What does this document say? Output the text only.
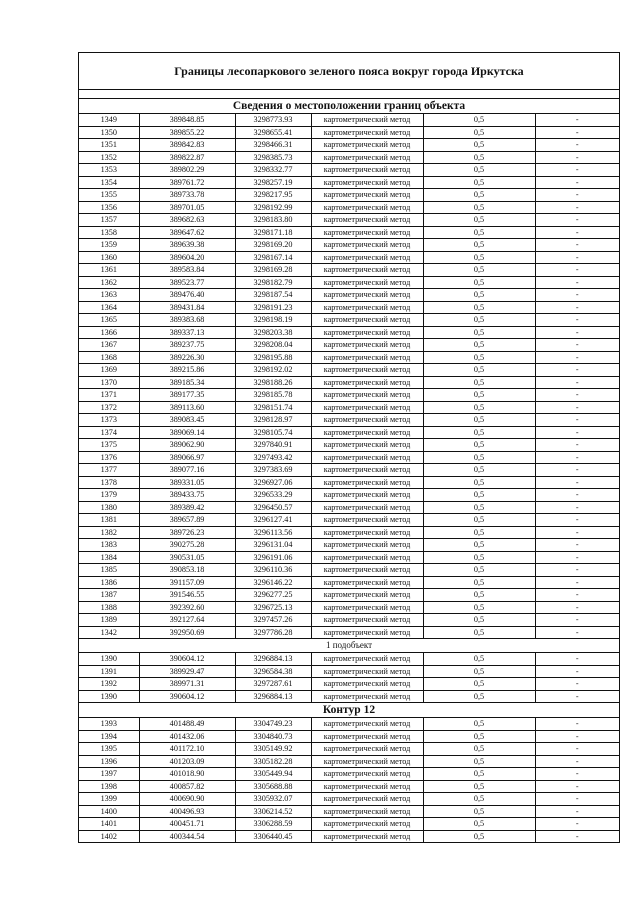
Границы лесопаркового зеленого пояса вокруг города Иркутска
Сведения о местоположении границ объекта
1349	389848.85	3298773.93	картометрический метод	0,5	-
1350	389855.22	3298655.41	картометрический метод	0,5	-
1351	389842.83	3298466.31	картометрический метод	0,5	-
1352	389822.87	3298385.73	картометрический метод	0,5	-
1353	389802.29	3298332.77	картометрический метод	0,5	-
1354	389761.72	3298257.19	картометрический метод	0,5	-
1355	389733.78	3298217.95	картометрический метод	0,5	-
1356	389701.05	3298192.99	картометрический метод	0,5	-
1357	389682.63	3298183.80	картометрический метод	0,5	-
1358	389647.62	3298171.18	картометрический метод	0,5	-
1359	389639.38	3298169.20	картометрический метод	0,5	-
1360	389604.20	3298167.14	картометрический метод	0,5	-
1361	389583.84	3298169.28	картометрический метод	0,5	-
1362	389523.77	3298182.79	картометрический метод	0,5	-
1363	389476.40	3298187.54	картометрический метод	0,5	-
1364	389431.84	3298191.23	картометрический метод	0,5	-
1365	389383.68	3298198.19	картометрический метод	0,5	-
1366	389337.13	3298203.38	картометрический метод	0,5	-
1367	389237.75	3298208.04	картометрический метод	0,5	-
1368	389226.30	3298195.88	картометрический метод	0,5	-
1369	389215.86	3298192.02	картометрический метод	0,5	-
1370	389185.34	3298188.26	картометрический метод	0,5	-
1371	389177.35	3298185.78	картометрический метод	0,5	-
1372	389113.60	3298151.74	картометрический метод	0,5	-
1373	389083.45	3298128.97	картометрический метод	0,5	-
1374	389069.14	3298105.74	картометрический метод	0,5	-
1375	389062.90	3297840.91	картометрический метод	0,5	-
1376	389066.97	3297493.42	картометрический метод	0,5	-
1377	389077.16	3297383.69	картометрический метод	0,5	-
1378	389331.05	3296927.06	картометрический метод	0,5	-
1379	389433.75	3296533.29	картометрический метод	0,5	-
1380	389389.42	3296450.57	картометрический метод	0,5	-
1381	389657.89	3296127.41	картометрический метод	0,5	-
1382	389726.23	3296113.56	картометрический метод	0,5	-
1383	390275.28	3296131.04	картометрический метод	0,5	-
1384	390531.05	3296191.06	картометрический метод	0,5	-
1385	390853.18	3296110.36	картометрический метод	0,5	-
1386	391157.09	3296146.22	картометрический метод	0,5	-
1387	391546.55	3296277.25	картометрический метод	0,5	-
1388	392392.60	3296725.13	картометрический метод	0,5	-
1389	392127.64	3297457.26	картометрический метод	0,5	-
1342	392950.69	3297786.28	картометрический метод	0,5	-
1 подобъект					
1390	390604.12	3296884.13	картометрический метод	0,5	-
1391	389929.47	3296584.38	картометрический метод	0,5	-
1392	389971.31	3297287.61	картометрический метод	0,5	-
1390	390604.12	3296884.13	картометрический метод	0,5	-
Контур 12					
1393	401488.49	3304749.23	картометрический метод	0,5	-
1394	401432.06	3304840.73	картометрический метод	0,5	-
1395	401172.10	3305149.92	картометрический метод	0,5	-
1396	401203.09	3305182.28	картометрический метод	0,5	-
1397	401018.90	3305449.94	картометрический метод	0,5	-
1398	400857.82	3305688.88	картометрический метод	0,5	-
1399	400690.90	3305932.07	картометрический метод	0,5	-
1400	400496.93	3306214.52	картометрический метод	0,5	-
1401	400451.71	3306288.59	картометрический метод	0,5	-
1402	400344.54	3306440.45	картометрический метод	0,5	-
